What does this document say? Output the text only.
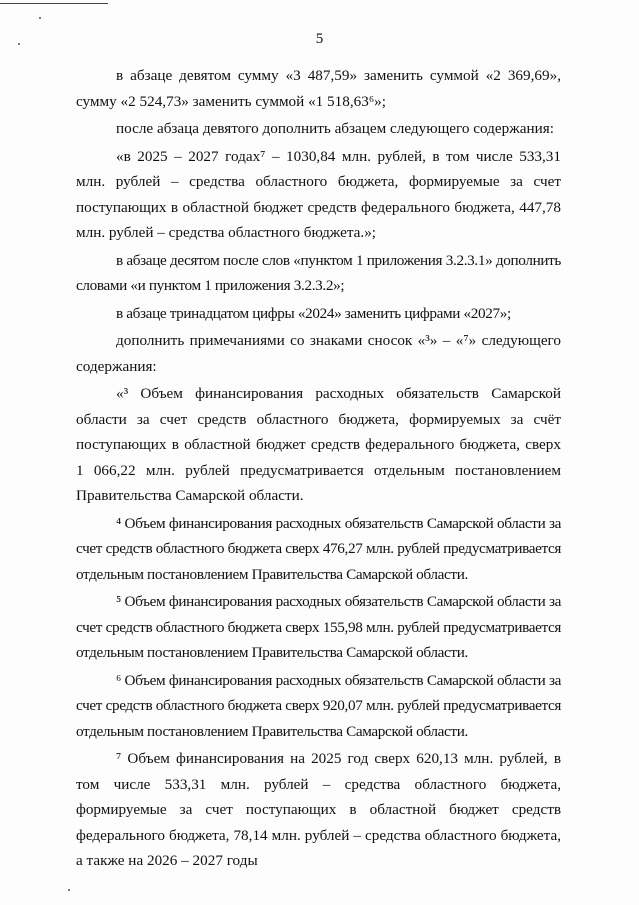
5

в абзаце девятом сумму «3 487,59» заменить суммой «2 369,69», сумму «2 524,73» заменить суммой «1 518,63⁶»;

после абзаца девятого дополнить абзацем следующего содержания:

«в 2025 – 2027 годах⁷ – 1030,84 млн. рублей, в том числе 533,31 млн. рублей – средства областного бюджета, формируемые за счет поступающих в областной бюджет средств федерального бюджета, 447,78 млн. рублей – средства областного бюджета.»;

в абзаце десятом после слов «пунктом 1 приложения 3.2.3.1» дополнить словами «и пунктом 1 приложения 3.2.3.2»;

в абзаце тринадцатом цифры «2024» заменить цифрами «2027»;

дополнить примечаниями со знаками сносок «³» – «⁷» следующего содержания:

«³ Объем финансирования расходных обязательств Самарской области за счет средств областного бюджета, формируемых за счёт поступающих в областной бюджет средств федерального бюджета, сверх 1 066,22 млн. рублей предусматривается отдельным постановлением Правительства Самарской области.

⁴ Объем финансирования расходных обязательств Самарской области за счет средств областного бюджета сверх 476,27 млн. рублей предусматривается отдельным постановлением Правительства Самарской области.

⁵ Объем финансирования расходных обязательств Самарской области за счет средств областного бюджета сверх 155,98 млн. рублей предусматривается отдельным постановлением Правительства Самарской области.

⁶ Объем финансирования расходных обязательств Самарской области за счет средств областного бюджета сверх 920,07 млн. рублей предусматривается отдельным постановлением Правительства Самарской области.

⁷ Объем финансирования на 2025 год сверх 620,13 млн. рублей, в том числе 533,31 млн. рублей – средства областного бюджета, формируемые за счет поступающих в областной бюджет средств федерального бюджета, 78,14 млн. рублей – средства областного бюджета, а также на 2026 – 2027 годы
